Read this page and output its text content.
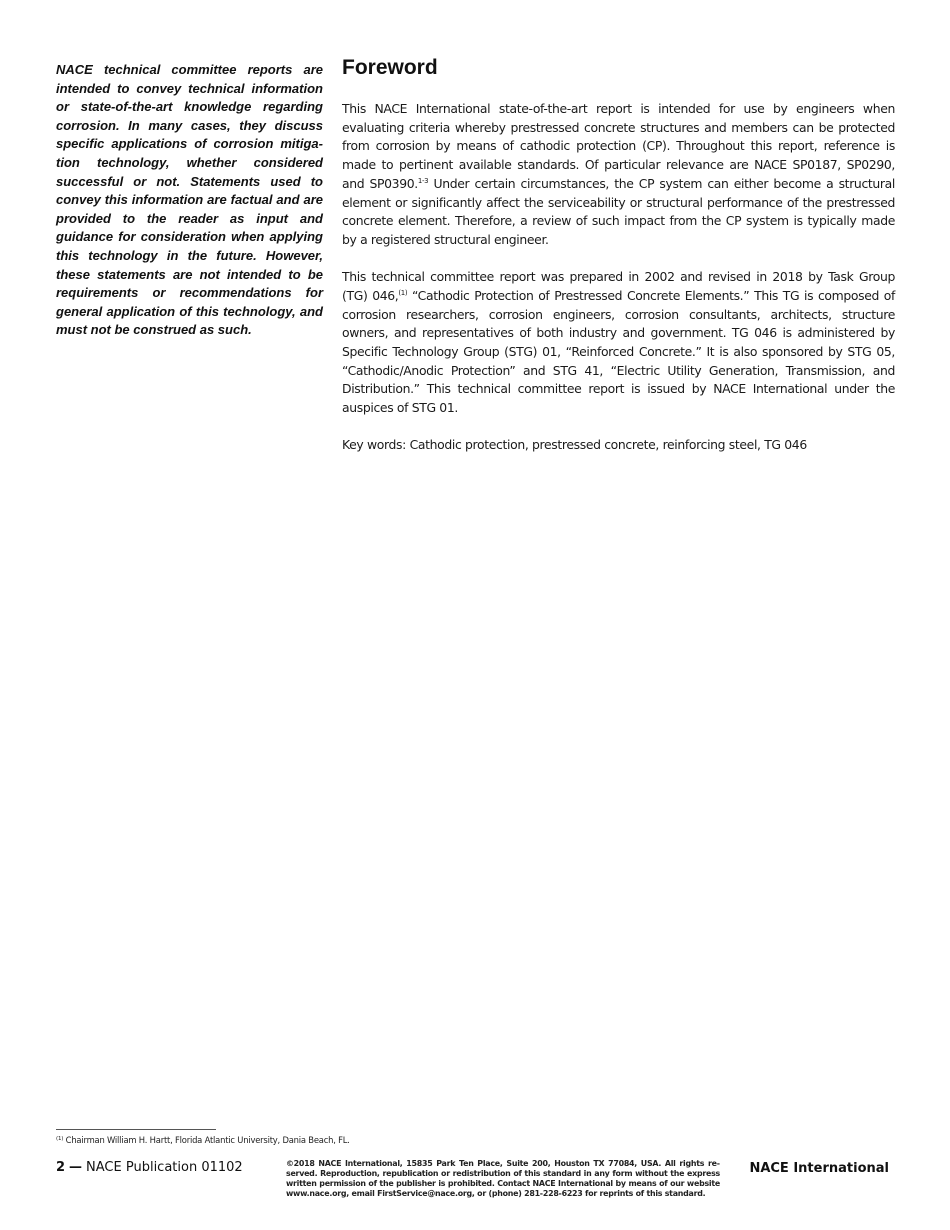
NACE technical committee reports are intended to convey technical information or state-of-the-art knowledge regarding corrosion. In many cases, they discuss specific applications of corrosion mitigation technology, whether considered successful or not. Statements used to convey this information are factual and are provided to the reader as input and guidance for consideration when applying this technology in the future. However, these statements are not intended to be requirements or recommendations for general application of this technology, and must not be construed as such.
Foreword

This NACE International state-of-the-art report is intended for use by engineers when evaluating criteria whereby prestressed concrete structures and members can be protected from corrosion by means of cathodic protection (CP). Throughout this report, reference is made to pertinent available standards. Of particular relevance are NACE SP0187, SP0290, and SP0390.$^{1-3}$ Under certain circumstances, the CP system can either become a structural element or significantly affect the serviceability or structural performance of the prestressed concrete element. Therefore, a review of such impact from the CP system is typically made by a registered structural engineer.

This technical committee report was prepared in 2002 and revised in 2018 by Task Group (TG) 046,$^{(1)}$ “Cathodic Protection of Prestressed Concrete Elements.” This TG is composed of corrosion researchers, corrosion engineers, corrosion consultants, architects, structure owners, and representatives of both industry and government. TG 046 is administered by Specific Technology Group (STG) 01, “Reinforced Concrete.” It is also sponsored by STG 05, “Cathodic/Anodic Protection” and STG 41, “Electric Utility Generation, Transmission, and Distribution.” This technical committee report is issued by NACE International under the auspices of STG 01.

Key words: Cathodic protection, prestressed concrete, reinforcing steel, TG 046

$^{(1)}$ Chairman William H. Hartt, Florida Atlantic University, Dania Beach, FL.
2 — NACE Publication 01102	©2018 NACE International, 15835 Park Ten Place, Suite 200, Houston TX 77084, USA. All rights reserved. Reproduction, republication or redistribution of this standard in any form without the express written permission of the publisher is prohibited. Contact NACE International by means of our website www.nace.org, email FirstService@nace.org, or (phone) 281-228-6223 for reprints of this standard.
NACE International
